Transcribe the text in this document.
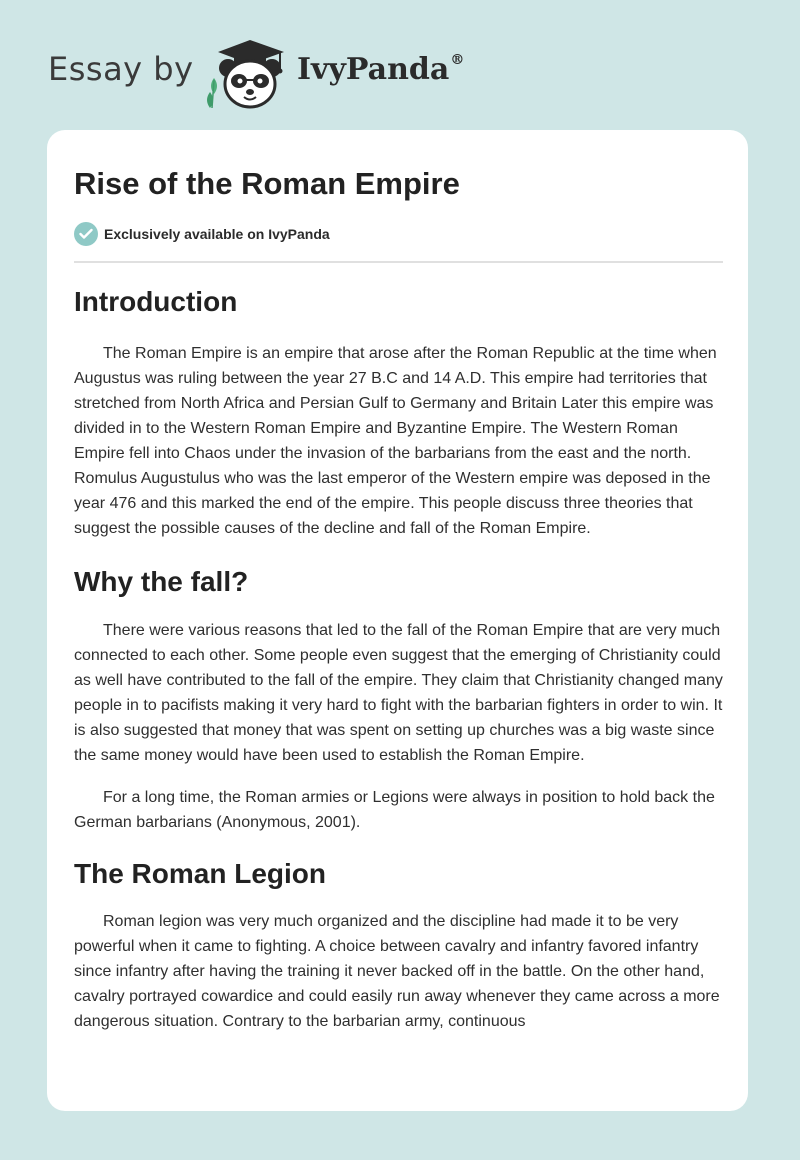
Essay by	IvyPanda®
Rise of the Roman Empire
Exclusively available on IvyPanda
Introduction

The Roman Empire is an empire that arose after the Roman Republic at the time when Augustus was ruling between the year 27 B.C and 14 A.D. This empire had territories that stretched from North Africa and Persian Gulf to Germany and Britain Later this empire was divided in to the Western Roman Empire and Byzantine Empire. The Western Roman Empire fell into Chaos under the invasion of the barbarians from the east and the north. Romulus Augustulus who was the last emperor of the Western empire was deposed in the year 476 and this marked the end of the empire. This people discuss three theories that suggest the possible causes of the decline and fall of the Roman Empire.

Why the fall?

There were various reasons that led to the fall of the Roman Empire that are very much connected to each other. Some people even suggest that the emerging of Christianity could as well have contributed to the fall of the empire. They claim that Christianity changed many people in to pacifists making it very hard to fight with the barbarian fighters in order to win. It is also suggested that money that was spent on setting up churches was a big waste since the same money would have been used to establish the Roman Empire.

For a long time, the Roman armies or Legions were always in position to hold back the German barbarians (Anonymous, 2001).

The Roman Legion

Roman legion was very much organized and the discipline had made it to be very powerful when it came to fighting. A choice between cavalry and infantry favored infantry since infantry after having the training it never backed off in the battle. On the other hand, cavalry portrayed cowardice and could easily run away whenever they came across a more dangerous situation. Contrary to the barbarian army, continuous
